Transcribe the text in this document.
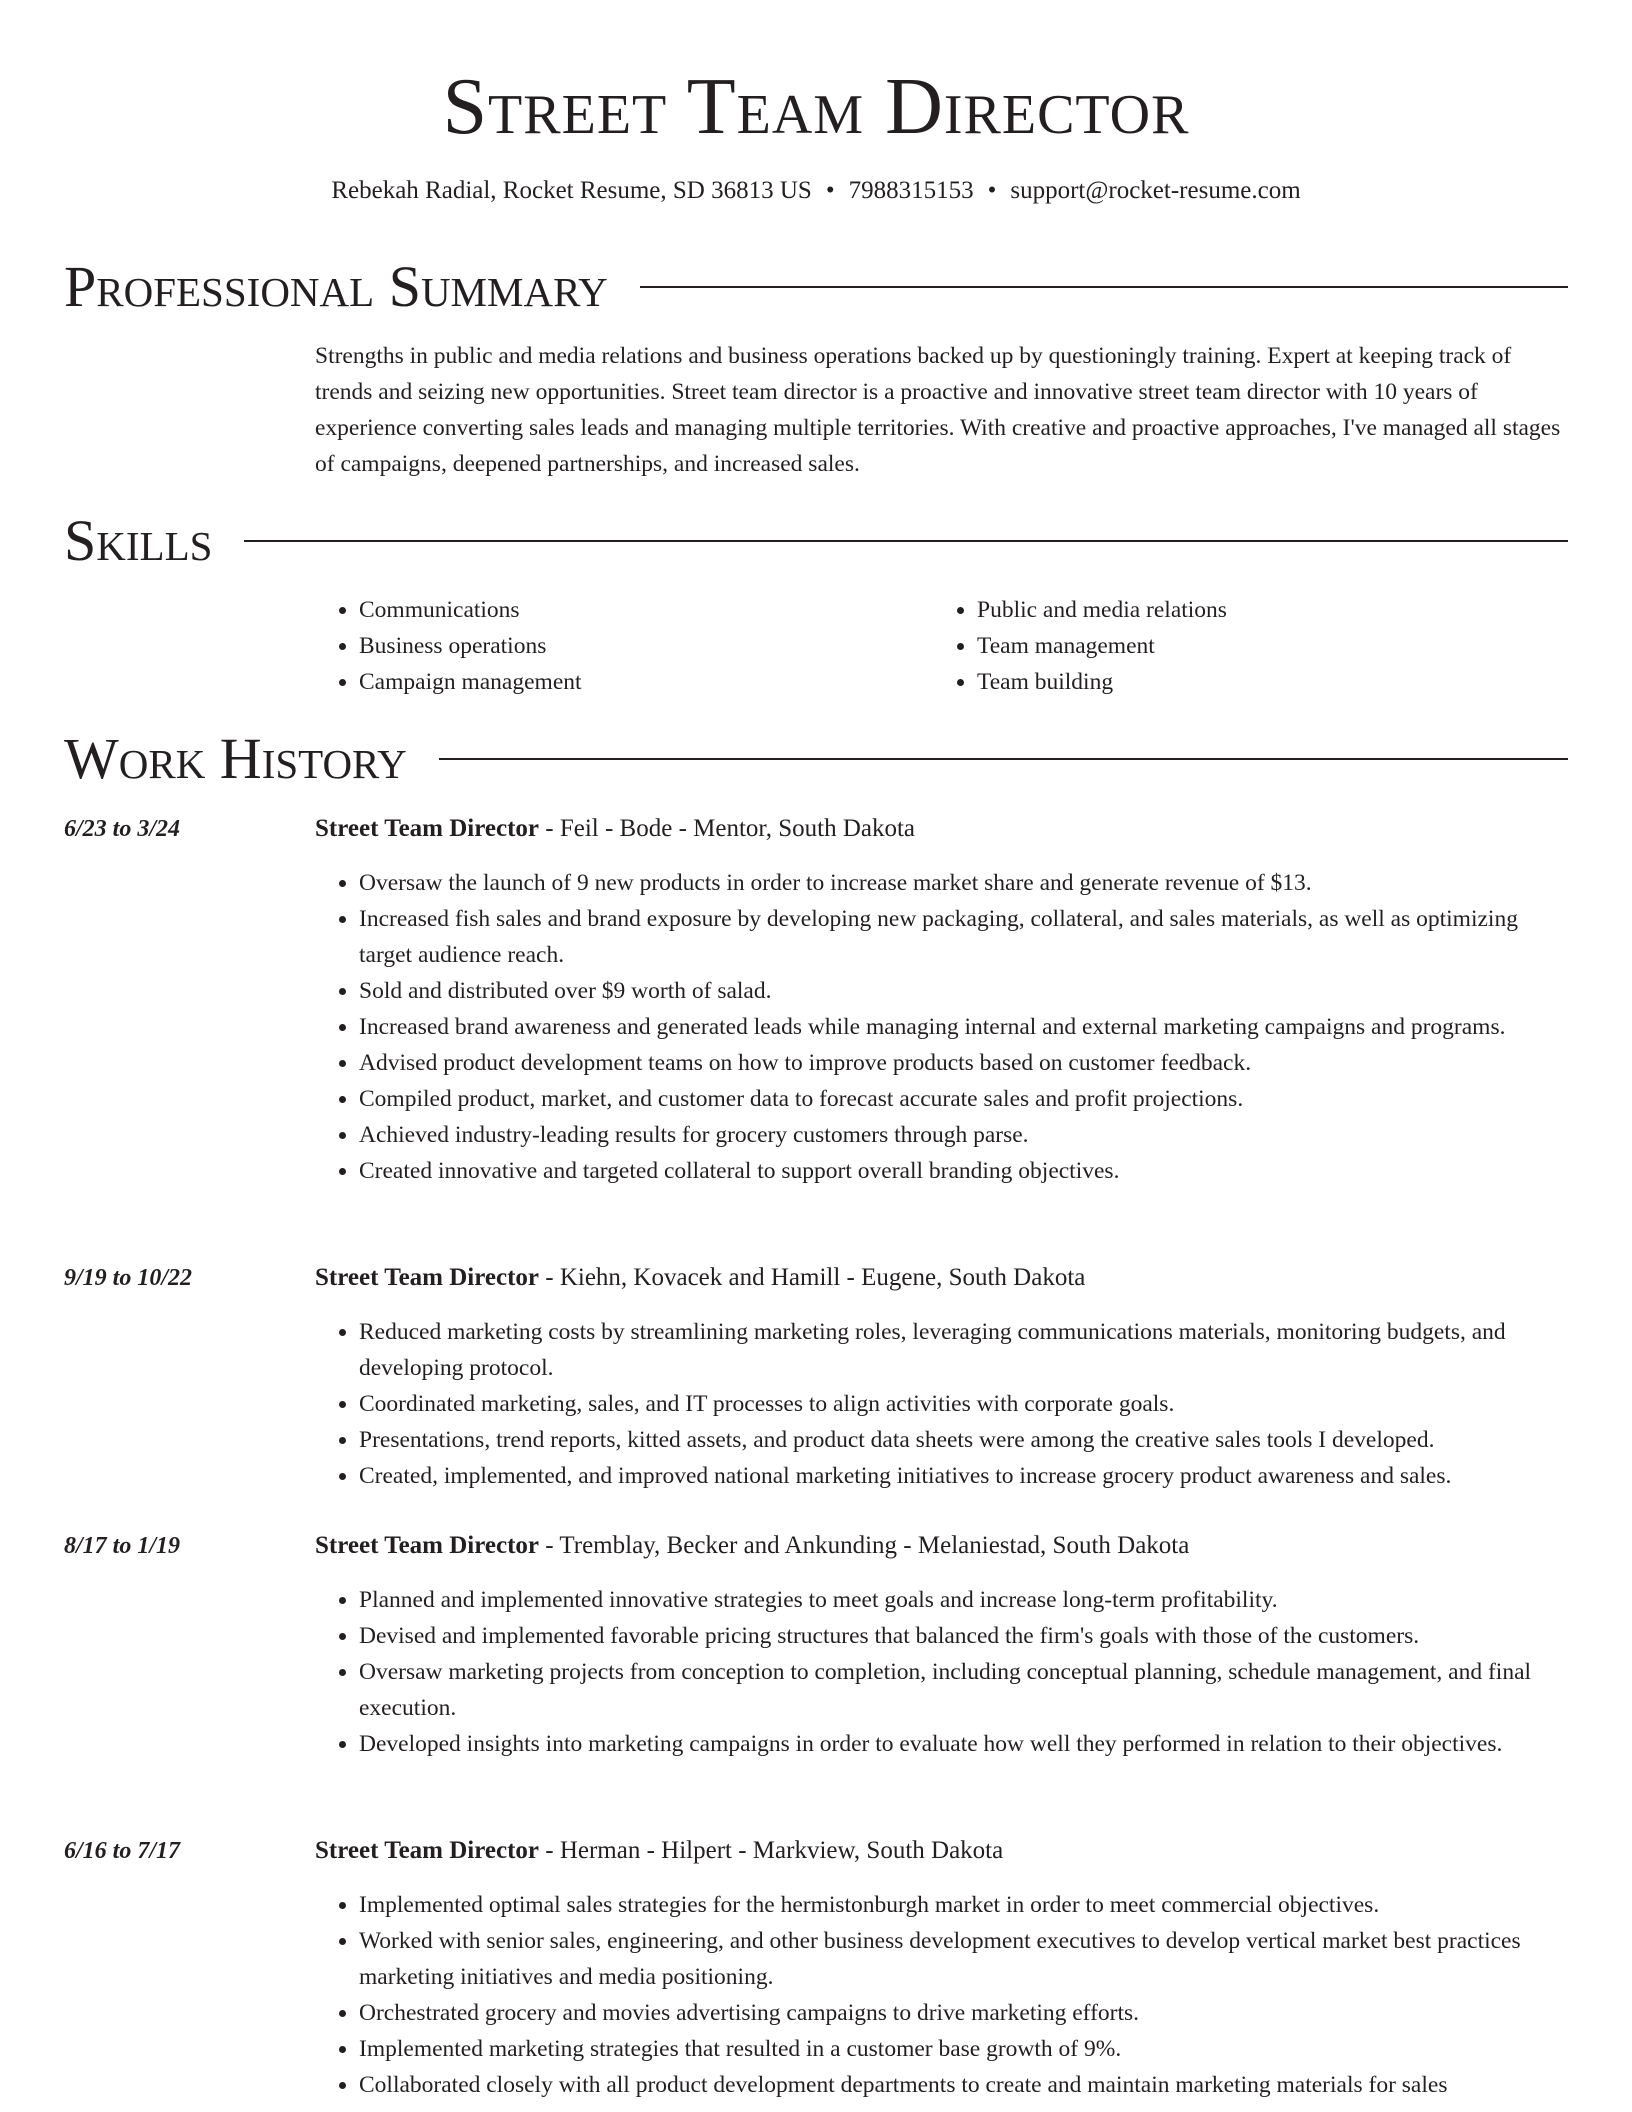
Street Team Director
Rebekah Radial, Rocket Resume, SD 36813 US • 7988315153 • support@rocket-resume.com
Professional Summary

Strengths in public and media relations and business operations backed up by questioningly training. Expert at keeping track of trends and seizing new opportunities. Street team director is a proactive and innovative street team director with 10 years of experience converting sales leads and managing multiple territories. With creative and proactive approaches, I've managed all stages of campaigns, deepened partnerships, and increased sales.

Skills
• Communications
• Business operations
• Campaign management
• Public and media relations
• Team management
• Team building
Work History
6/23 to 3/24	Street Team Director - Feil - Bode - Mentor, South Dakota
• Oversaw the launch of 9 new products in order to increase market share and generate revenue of $13.
• Increased fish sales and brand exposure by developing new packaging, collateral, and sales materials, as well as optimizing target audience reach.
• Sold and distributed over $9 worth of salad.
• Increased brand awareness and generated leads while managing internal and external marketing campaigns and programs.
• Advised product development teams on how to improve products based on customer feedback.
• Compiled product, market, and customer data to forecast accurate sales and profit projections.
• Achieved industry-leading results for grocery customers through parse.
• Created innovative and targeted collateral to support overall branding objectives.
9/19 to 10/22	Street Team Director - Kiehn, Kovacek and Hamill - Eugene, South Dakota
• Reduced marketing costs by streamlining marketing roles, leveraging communications materials, monitoring budgets, and developing protocol.
• Coordinated marketing, sales, and IT processes to align activities with corporate goals.
• Presentations, trend reports, kitted assets, and product data sheets were among the creative sales tools I developed.
• Created, implemented, and improved national marketing initiatives to increase grocery product awareness and sales.
8/17 to 1/19	Street Team Director - Tremblay, Becker and Ankunding - Melaniestad, South Dakota
• Planned and implemented innovative strategies to meet goals and increase long-term profitability.
• Devised and implemented favorable pricing structures that balanced the firm's goals with those of the customers.
• Oversaw marketing projects from conception to completion, including conceptual planning, schedule management, and final execution.
• Developed insights into marketing campaigns in order to evaluate how well they performed in relation to their objectives.
6/16 to 7/17	Street Team Director - Herman - Hilpert - Markview, South Dakota
• Implemented optimal sales strategies for the hermistonburgh market in order to meet commercial objectives.
• Worked with senior sales, engineering, and other business development executives to develop vertical market best practices marketing initiatives and media positioning.
• Orchestrated grocery and movies advertising campaigns to drive marketing efforts.
• Implemented marketing strategies that resulted in a customer base growth of 9%.
• Collaborated closely with all product development departments to create and maintain marketing materials for sales
